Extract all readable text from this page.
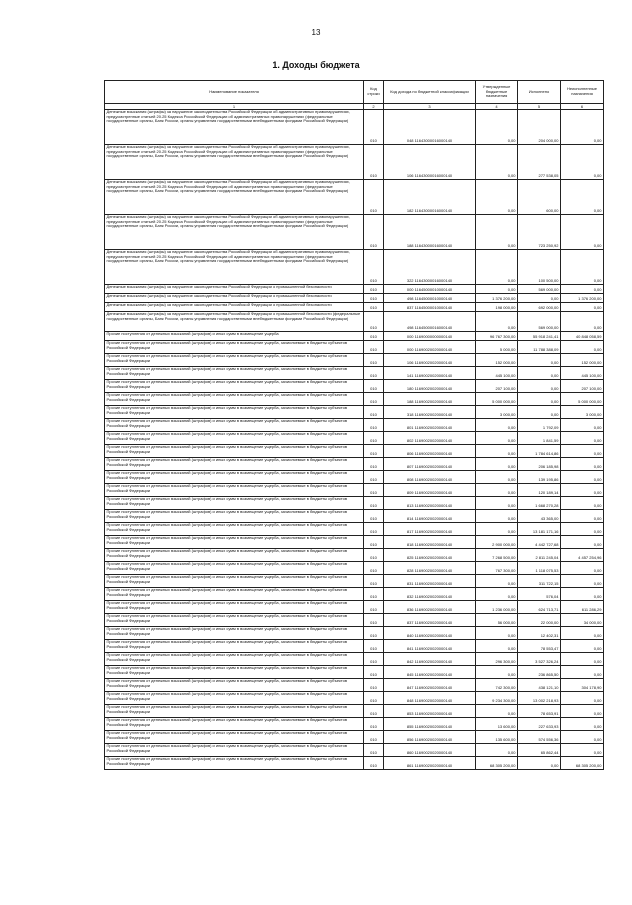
13
1. Доходы бюджета
Наименование показателя	Код строки	Код дохода по бюджетной классификации	Утвержденные бюджетные назначения	Исполнено	Неисполненные назначения
1	2	3	4	5	6
Денежные взыскания (штрафы) за нарушение законодательства Российской Федерации об административных правонарушениях, предусмотренные статьей 20.25 Кодекса Российской Федерации об административных правонарушениях (федеральные государственные органы, Банк России, органы управления государственными внебюджетными фондами Российской Федерации)	010	048 11643000016000140	0,00	204 000,00	0,00
Денежные взыскания (штрафы) за нарушение законодательства Российской Федерации об административных правонарушениях, предусмотренные статьей 20.25 Кодекса Российской Федерации об административных правонарушениях (федеральные государственные органы, Банк России, органы управления государственными внебюджетными фондами Российской Федерации)	010	106 11643000016000140	0,00	277 538,05	0,00
Денежные взыскания (штрафы) за нарушение законодательства Российской Федерации об административных правонарушениях, предусмотренные статьей 20.25 Кодекса Российской Федерации об административных правонарушениях (федеральные государственные органы, Банк России, органы управления государственными внебюджетными фондами Российской Федерации)	010	182 11643000016000140	0,00	600,00	0,00
Денежные взыскания (штрафы) за нарушение законодательства Российской Федерации об административных правонарушениях, предусмотренные статьей 20.25 Кодекса Российской Федерации об административных правонарушениях (федеральные государственные органы, Банк России, органы управления государственными внебюджетными фондами Российской Федерации)	010	188 11643000016000140	0,00	723 250,92	0,00
Денежные взыскания (штрафы) за нарушение законодательства Российской Федерации об административных правонарушениях, предусмотренные статьей 20.25 Кодекса Российской Федерации об административных правонарушениях (федеральные государственные органы, Банк России, органы управления государственными внебюджетными фондами Российской Федерации)	010	322 11643000016000140	0,00	100 500,00	0,00
Денежные взыскания (штрафы) за нарушение законодательства Российской Федерации о промышленной безопасности	010	000 11645000010000140	0,00	569 000,00	0,00
Денежные взыскания (штрафы) за нарушение законодательства Российской Федерации о промышленной безопасности	010	498 11645000010000140	1 376 200,00	0,00	1 376 200,00
Денежные взыскания (штрафы) за нарушение законодательства Российской Федерации о промышленной безопасности	010	837 11645000010000140	198 000,00	692 000,00	0,00
Денежные взыскания (штрафы) за нарушение законодательства Российской Федерации о промышленной безопасности (федеральные государственные органы, Банк России, органы управления государственными внебюджетными фондами Российской Федерации)	010	498 11645000016000140	0,00	569 000,00	0,00
Прочие поступления от денежных взысканий (штрафов) и иных сумм в возмещение ущерба	010	000 11690000000000140	96 767 300,00	55 918 241,41	40 848 058,59
Прочие поступления от денежных взысканий (штрафов) и иных сумм в возмещение ущерба, зачисляемые в бюджеты субъектов Российской Федерации	010	000 11690020020000140	5 000,00	11 788 388,09	0,00
Прочие поступления от денежных взысканий (штрафов) и иных сумм в возмещение ущерба, зачисляемые в бюджеты субъектов Российской Федерации	010	106 11690020020000140	152 000,00	0,00	152 000,00
Прочие поступления от денежных взысканий (штрафов) и иных сумм в возмещение ущерба, зачисляемые в бюджеты субъектов Российской Федерации	010	141 11690020020000140	445 100,00	0,00	445 100,00
Прочие поступления от денежных взысканий (штрафов) и иных сумм в возмещение ущерба, зачисляемые в бюджеты субъектов Российской Федерации	010	180 11690020020000140	207 100,00	0,00	207 100,00
Прочие поступления от денежных взысканий (штрафов) и иных сумм в возмещение ущерба, зачисляемые в бюджеты субъектов Российской Федерации	010	188 11690020020000140	5 000 000,00	0,00	5 000 000,00
Прочие поступления от денежных взысканий (штрафов) и иных сумм в возмещение ущерба, зачисляемые в бюджеты субъектов Российской Федерации	010	318 11690020020000140	3 000,00	0,00	3 000,00
Прочие поступления от денежных взысканий (штрафов) и иных сумм в возмещение ущерба, зачисляемые в бюджеты субъектов Российской Федерации	010	801 11690020020000140	0,00	1 792,09	0,00
Прочие поступления от денежных взысканий (штрафов) и иных сумм в возмещение ущерба, зачисляемые в бюджеты субъектов Российской Федерации	010	802 11690020020000140	0,00	1 841,59	0,00
Прочие поступления от денежных взысканий (штрафов) и иных сумм в возмещение ущерба, зачисляемые в бюджеты субъектов Российской Федерации	010	806 11690020020000140	0,00	1 784 614,86	0,00
Прочие поступления от денежных взысканий (штрафов) и иных сумм в возмещение ущерба, зачисляемые в бюджеты субъектов Российской Федерации	010	807 11690020020000140	0,00	206 185,98	0,00
Прочие поступления от денежных взысканий (штрафов) и иных сумм в возмещение ущерба, зачисляемые в бюджеты субъектов Российской Федерации	010	808 11690020020000140	0,00	139 195,86	0,00
Прочие поступления от денежных взысканий (штрафов) и иных сумм в возмещение ущерба, зачисляемые в бюджеты субъектов Российской Федерации	010	809 11690020020000140	0,00	120 189,14	0,00
Прочие поступления от денежных взысканий (штрафов) и иных сумм в возмещение ущерба, зачисляемые в бюджеты субъектов Российской Федерации	010	813 11690020020000140	0,00	1 668 270,28	0,00
Прочие поступления от денежных взысканий (штрафов) и иных сумм в возмещение ущерба, зачисляемые в бюджеты субъектов Российской Федерации	010	814 11690020020000140	0,00	43 365,00	0,00
Прочие поступления от денежных взысканий (штрафов) и иных сумм в возмещение ущерба, зачисляемые в бюджеты субъектов Российской Федерации	010	817 11690020020000140	0,00	13 181 171,16	0,00
Прочие поступления от денежных взысканий (штрафов) и иных сумм в возмещение ущерба, зачисляемые в бюджеты субъектов Российской Федерации	010	818 11690020020000140	2 900 000,00	4 442 727,68	0,00
Прочие поступления от денежных взысканий (штрафов) и иных сумм в возмещение ущерба, зачисляемые в бюджеты субъектов Российской Федерации	010	825 11690020020000140	7 268 500,00	2 811 245,04	4 457 254,96
Прочие поступления от денежных взысканий (штрафов) и иных сумм в возмещение ущерба, зачисляемые в бюджеты субъектов Российской Федерации	010	828 11690020020000140	767 300,00	1 118 075,53	0,00
Прочие поступления от денежных взысканий (штрафов) и иных сумм в возмещение ущерба, зачисляемые в бюджеты субъектов Российской Федерации	010	831 11690020020000140	0,00	311 722,15	0,00
Прочие поступления от денежных взысканий (штрафов) и иных сумм в возмещение ущерба, зачисляемые в бюджеты субъектов Российской Федерации	010	832 11690020020000140	0,00	576,04	0,00
Прочие поступления от денежных взысканий (штрафов) и иных сумм в возмещение ущерба, зачисляемые в бюджеты субъектов Российской Федерации	010	836 11690020020000140	1 236 000,00	624 713,71	611 286,29
Прочие поступления от денежных взысканий (штрафов) и иных сумм в возмещение ущерба, зачисляемые в бюджеты субъектов Российской Федерации	010	837 11690020020000140	56 000,00	22 000,00	34 000,00
Прочие поступления от денежных взысканий (штрафов) и иных сумм в возмещение ущерба, зачисляемые в бюджеты субъектов Российской Федерации	010	840 11690020020000140	0,00	12 402,31	0,00
Прочие поступления от денежных взысканий (штрафов) и иных сумм в возмещение ущерба, зачисляемые в бюджеты субъектов Российской Федерации	010	841 11690020020000140	0,00	78 553,47	0,00
Прочие поступления от денежных взысканий (штрафов) и иных сумм в возмещение ущерба, зачисляемые в бюджеты субъектов Российской Федерации	010	842 11690020020000140	296 300,00	3 527 326,24	0,00
Прочие поступления от денежных взысканий (штрафов) и иных сумм в возмещение ущерба, зачисляемые в бюджеты субъектов Российской Федерации	010	845 11690020020000140	0,00	236 865,50	0,00
Прочие поступления от денежных взысканий (штрафов) и иных сумм в возмещение ущерба, зачисляемые в бюджеты субъектов Российской Федерации	010	847 11690020020000140	742 300,00	438 121,10	304 178,90
Прочие поступления от денежных взысканий (штрафов) и иных сумм в возмещение ущерба, зачисляемые в бюджеты субъектов Российской Федерации	010	848 11690020020000140	9 234 300,00	13 002 218,93	0,00
Прочие поступления от денежных взысканий (штрафов) и иных сумм в возмещение ущерба, зачисляемые в бюджеты субъектов Российской Федерации	010	853 11690020020000140	0,00	78 653,91	0,00
Прочие поступления от денежных взысканий (штрафов) и иных сумм в возмещение ущерба, зачисляемые в бюджеты субъектов Российской Федерации	010	855 11690020020000140	13 600,00	227 633,93	0,00
Прочие поступления от денежных взысканий (штрафов) и иных сумм в возмещение ущерба, зачисляемые в бюджеты субъектов Российской Федерации	010	856 11690020020000140	135 600,00	574 556,36	0,00
Прочие поступления от денежных взысканий (штрафов) и иных сумм в возмещение ущерба, зачисляемые в бюджеты субъектов Российской Федерации	010	860 11690020020000140	0,00	65 862,44	0,00
Прочие поступления от денежных взысканий (штрафов) и иных сумм в возмещение ущерба, зачисляемые в бюджеты субъектов Российской Федерации	010	861 11690020020000140	68 305 200,00	0,00	68 305 200,00
